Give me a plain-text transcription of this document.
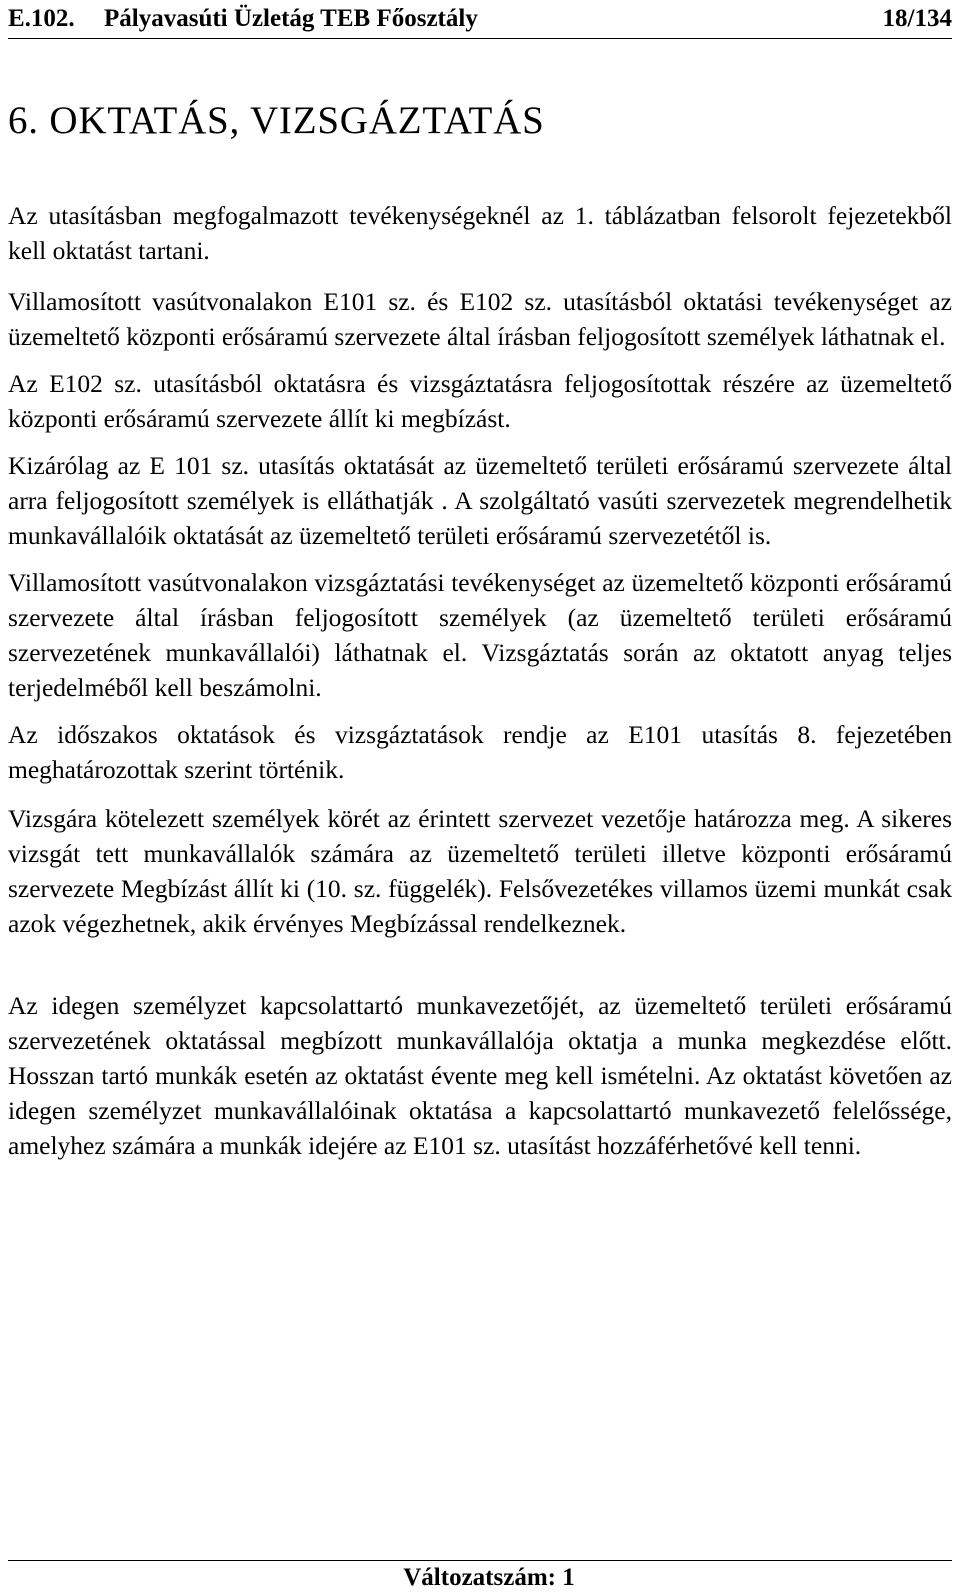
E.102. Pályavasúti Üzletág TEB Főosztály	18/134
6. OKTATÁS, VIZSGÁZTATÁS

Az utasításban megfogalmazott tevékenységeknél az 1. táblázatban felsorolt fejezetekből kell oktatást tartani.

Villamosított vasútvonalakon E101 sz. és E102 sz. utasításból oktatási tevékenységet az üzemeltető központi erősáramú szervezete által írásban feljogosított személyek láthatnak el.

Az E102 sz. utasításból oktatásra és vizsgáztatásra feljogosítottak részére az üzemeltető központi erősáramú szervezete állít ki megbízást.

Kizárólag az E 101 sz. utasítás oktatását az üzemeltető területi erősáramú szervezete által arra feljogosított személyek is elláthatják . A szolgáltató vasúti szervezetek megrendelhetik munkavállalóik oktatását az üzemeltető területi erősáramú szervezetétől is.

Villamosított vasútvonalakon vizsgáztatási tevékenységet az üzemeltető központi erősáramú szervezete által írásban feljogosított személyek (az üzemeltető területi erősáramú szervezetének munkavállalói) láthatnak el. Vizsgáztatás során az oktatott anyag teljes terjedelméből kell beszámolni.

Az időszakos oktatások és vizsgáztatások rendje az E101 utasítás 8. fejezetében meghatározottak szerint történik.

Vizsgára kötelezett személyek körét az érintett szervezet vezetője határozza meg. A sikeres vizsgát tett munkavállalók számára az üzemeltető területi illetve központi erősáramú szervezete Megbízást állít ki (10. sz. függelék). Felsővezetékes villamos üzemi munkát csak azok végezhetnek, akik érvényes Megbízással rendelkeznek.

Az idegen személyzet kapcsolattartó munkavezetőjét, az üzemeltető területi erősáramú szervezetének oktatással megbízott munkavállalója oktatja a munka megkezdése előtt. Hosszan tartó munkák esetén az oktatást évente meg kell ismételni. Az oktatást követően az idegen személyzet munkavállalóinak oktatása a kapcsolattartó munkavezető felelőssége, amelyhez számára a munkák idejére az E101 sz. utasítást hozzáférhetővé kell tenni.

Változatszám: 1
